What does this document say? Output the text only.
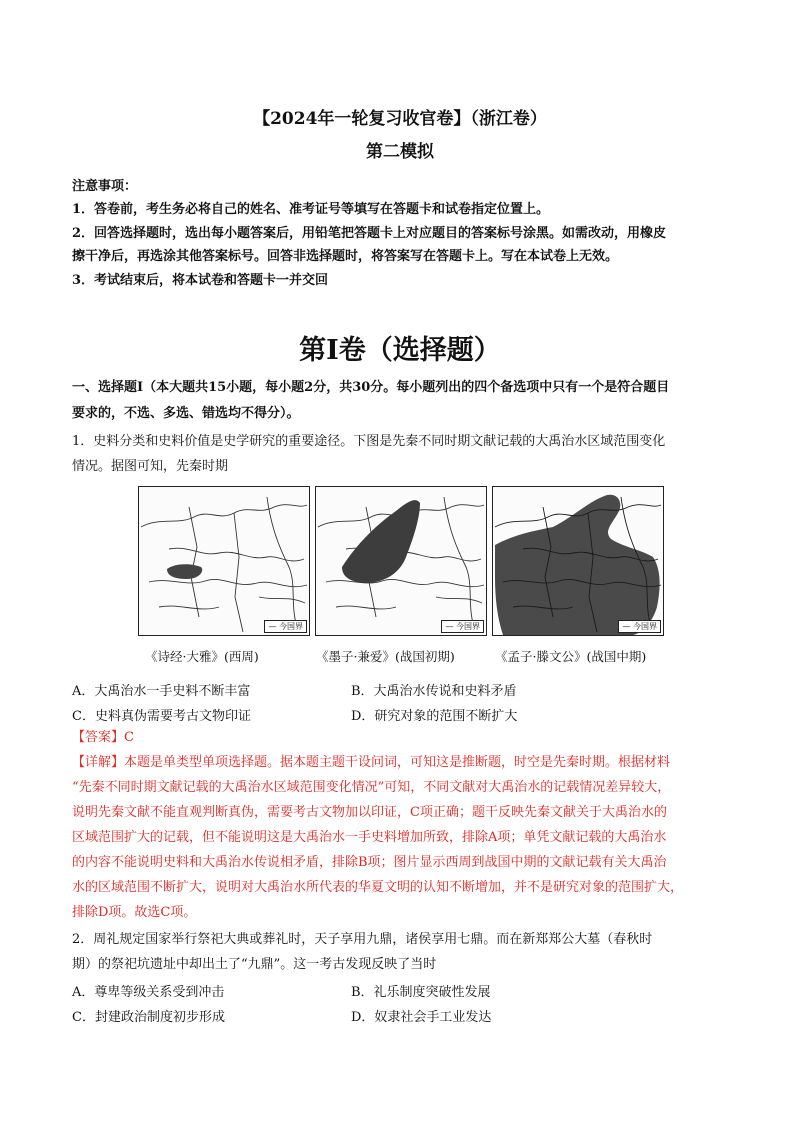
【2024年一轮复习收官卷】（浙江卷）
第二模拟
注意事项：
1．答卷前，考生务必将自己的姓名、准考证号等填写在答题卡和试卷指定位置上。
2．回答选择题时，选出每小题答案后，用铅笔把答题卡上对应题目的答案标号涂黑。如需改动，用橡皮
擦干净后，再选涂其他答案标号。回答非选择题时，将答案写在答题卡上。写在本试卷上无效。
3．考试结束后，将本试卷和答题卡一并交回
第I卷（选择题）
一、选择题I（本大题共15小题，每小题2分，共30分。每小题列出的四个备选项中只有一个是符合题目
要求的，不选、多选、错选均不得分）。
1．史料分类和史料价值是史学研究的重要途径。下图是先秦不同时期文献记载的大禹治水区域范围变化
情况。据图可知，先秦时期
— 今国界	— 今国界	— 今国界
《诗经·大雅》(西周)	《墨子·兼爱》(战国初期)	《孟子·滕文公》(战国中期)
A．大禹治水一手史料不断丰富	B．大禹治水传说和史料矛盾
C．史料真伪需要考古文物印证	D．研究对象的范围不断扩大
【答案】C
【详解】本题是单类型单项选择题。据本题主题干设问词，可知这是推断题，时空是先秦时期。根据材料
“先秦不同时期文献记载的大禹治水区域范围变化情况”可知，不同文献对大禹治水的记载情况差异较大，
说明先秦文献不能直观判断真伪，需要考古文物加以印证，C项正确；题干反映先秦文献关于大禹治水的
区域范围扩大的记载，但不能说明这是大禹治水一手史料增加所致，排除A项；单凭文献记载的大禹治水
的内容不能说明史料和大禹治水传说相矛盾，排除B项；图片显示西周到战国中期的文献记载有关大禹治
水的区域范围不断扩大，说明对大禹治水所代表的华夏文明的认知不断增加，并不是研究对象的范围扩大，
排除D项。故选C项。
2．周礼规定国家举行祭祀大典或葬礼时，天子享用九鼎，诸侯享用七鼎。而在新郑郑公大墓（春秋时
期）的祭祀坑遗址中却出土了“九鼎”。这一考古发现反映了当时
A．尊卑等级关系受到冲击	B．礼乐制度突破性发展
C．封建政治制度初步形成	D．奴隶社会手工业发达
